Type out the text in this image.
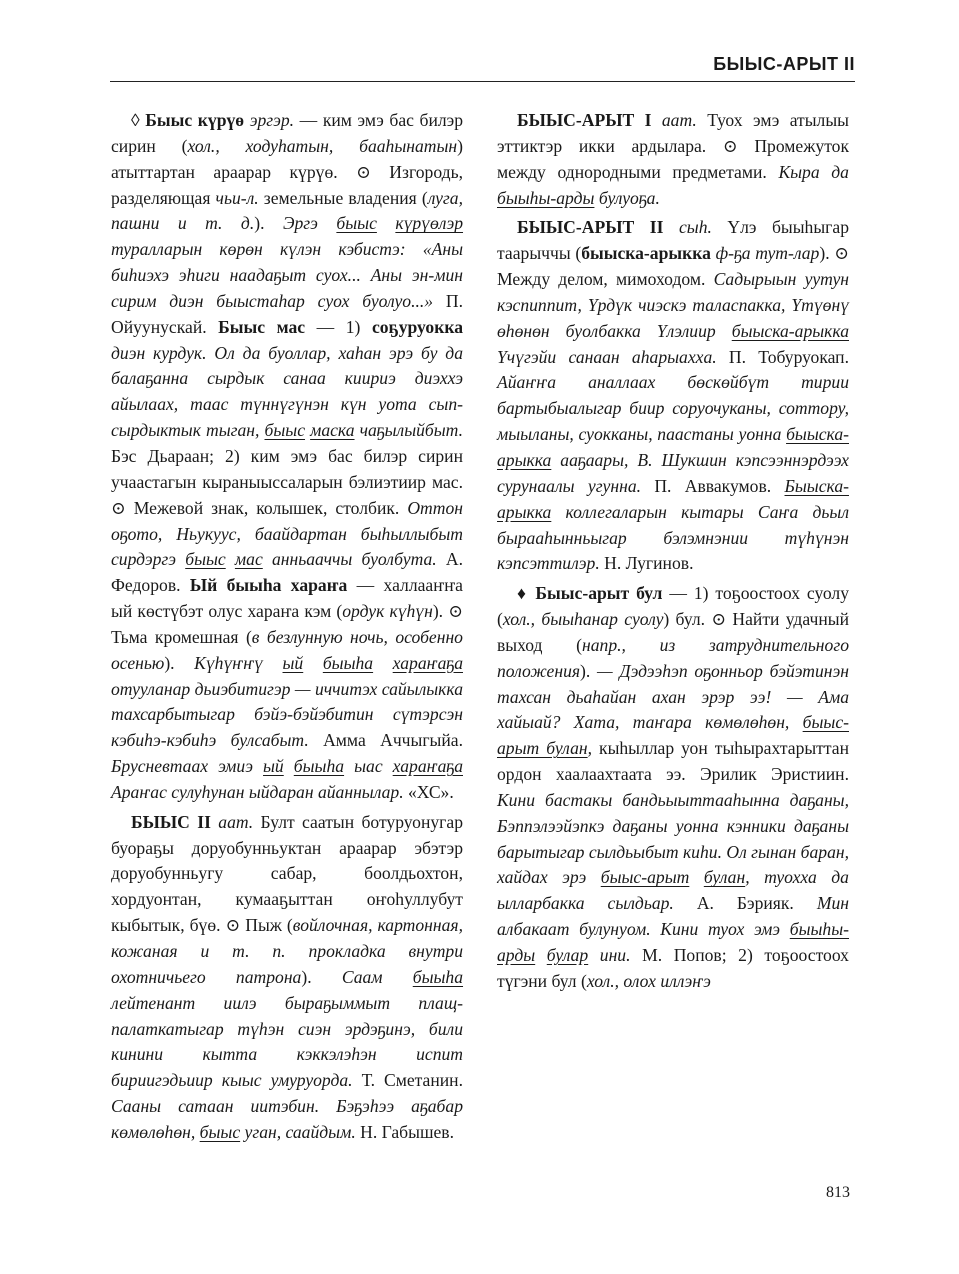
БЫЫС-АРЫТ II

◊ Быыс күрүө эргэр. — ким эмэ бас билэр сирин (хол., ходуһатын, бааһынатын) атыттартан араарар күрүө. ⊙ Изгородь, разделяющая чьи-л. земельные владения (луга, пашни и т. д.). Эргэ быыс күрүөлэр туралларын көрөн күлэн кэбистэ: «Аны биһиэхэ эһиги наадаҕыт суох... Аны эн-мин сирим диэн быыстаһар суох буолуо...» П. Ойуунускай. Быыс мас — 1) соҕуруокка диэн курдук. Ол да буоллар, хаһан эрэ бу да балаҕанна сырдык санаа киириэ диэххэ айылаах, таас түннүгүнэн күн уота сып-сырдыктык тыган, быыс маска чаҕылыйбыт. Бэс Дьараан; 2) ким эмэ бас билэр сирин учаастагын кыраныыссаларын бэлиэтиир мас. ⊙ Межевой знак, колышек, столбик. Оттон оҕото, Ньукуус, баайдартан быһыллыбыт сирдэргэ быыс мас анньааччы буолбута. А. Федоров. Ый быыһа хараҥа — халлааҥҥа ый көстүбэт олус хараҥа кэм (ордук күһүн). ⊙ Тьма кромешная (в безлунную ночь, особенно осенью). Күһүҥҥү ый быыһа хараҥаҕа отууланар дьиэбитигэр — иччитэх сайылыкка тахсарбытыгар бэйэ-бэйэбитин сүтэрсэн кэбиһэ-кэбиһэ булсабыт. Амма Аччыгыйа. Брусневтаах эмиэ ый быыһа ыас хараҥаҕа Араҥас сулуһунан ыйдаран айаннылар. «ХС».

БЫЫС II аат. Булт саатын ботуруонугар буораҕы доруобунньуктан араарар эбэтэр доруобунньугу сабар, боолдьохтон, хордуонтан, кумааҕыттан оҥоһуллубут кыбытык, бүө. ⊙ Пыж (войлочная, картонная, кожаная и т. п. прокладка внутри охотничьего патрона). Саам быыһа лейтенант иилэ быраҕыммыт плащ-палаткатыгар түһэн сиэн эрдэҕинэ, били кинини кытта кэккэлэһэн испит бириигэдьиир кыыс умуруорда. Т. Сметанин. Сааны сатаан иитэбин. Бэҕэһээ аҕабар көмөлөһөн, быыс уган, саайдым. Н. Габышев.

БЫЫС-АРЫТ I аат. Туох эмэ атылыы эттиктэр икки ардылара. ⊙ Промежуток между однородными предметами. Кыра да быыһы-арды булуоҕа.

БЫЫС-АРЫТ II сыһ. Үлэ быыһыгар таарыччы (быыска-арыкка ф-ҕа тут-лар). ⊙ Между делом, мимоходом. Садырыын уутун кэспиппит, Үрдүк чиэскэ таласпакка, Үтүөнү өһөнөн буолбакка Үлэлиир быыска-арыкка Үчүгэйи санаан аһарыаххa. П. Тобуруокап. Айаҥҥа аналлаах бөскөйбүт тирии бартыбыалыгар биир соруочуканы, соттору, мыыланы, суокканы, паастаны уонна быыска-арыкка ааҕаары, В. Шукшин кэпсээннэрдээх сурунаалы угунна. П. Аввакумов. Быыска-арыкка коллегаларын кытары Саҥа дьыл бырааһынньыгар бэлэмнэнии түһүнэн кэпсэттилэр. Н. Лугинов.

♦ Быыс-арыт бул — 1) тоҕоостоох суолу (хол., быыһанар суолу) бул. ⊙ Найти удачный выход (напр., из затруднительного положения). — Дэдээһэп оҕонньор бэйэтинэн тахсан дьаһайан ахан эрэр ээ! — Ама хайыай? Хата, таҥара көмөлөһөн, быыс-арыт булан, кыһыллар уон тыһырахтарыттан ордон хаалаахтаата ээ. Эрилик Эристиин. Кини бастакы бандьыыттааһынна даҕаны, Бэппэлээйэпкэ даҕаны уонна кэнники даҕаны барытыгар сылдьыбыт киһи. Ол гынан баран, хайдах эрэ быыс-арыт булан, туохха да ылларбакка сылдьар. А. Бэрияк. Мин албакаат булунуом. Кини туох эмэ быыһы-арды булар ини. М. Попов; 2) тоҕоостоох түгэни бул (хол., олох иллэҥэ

813
